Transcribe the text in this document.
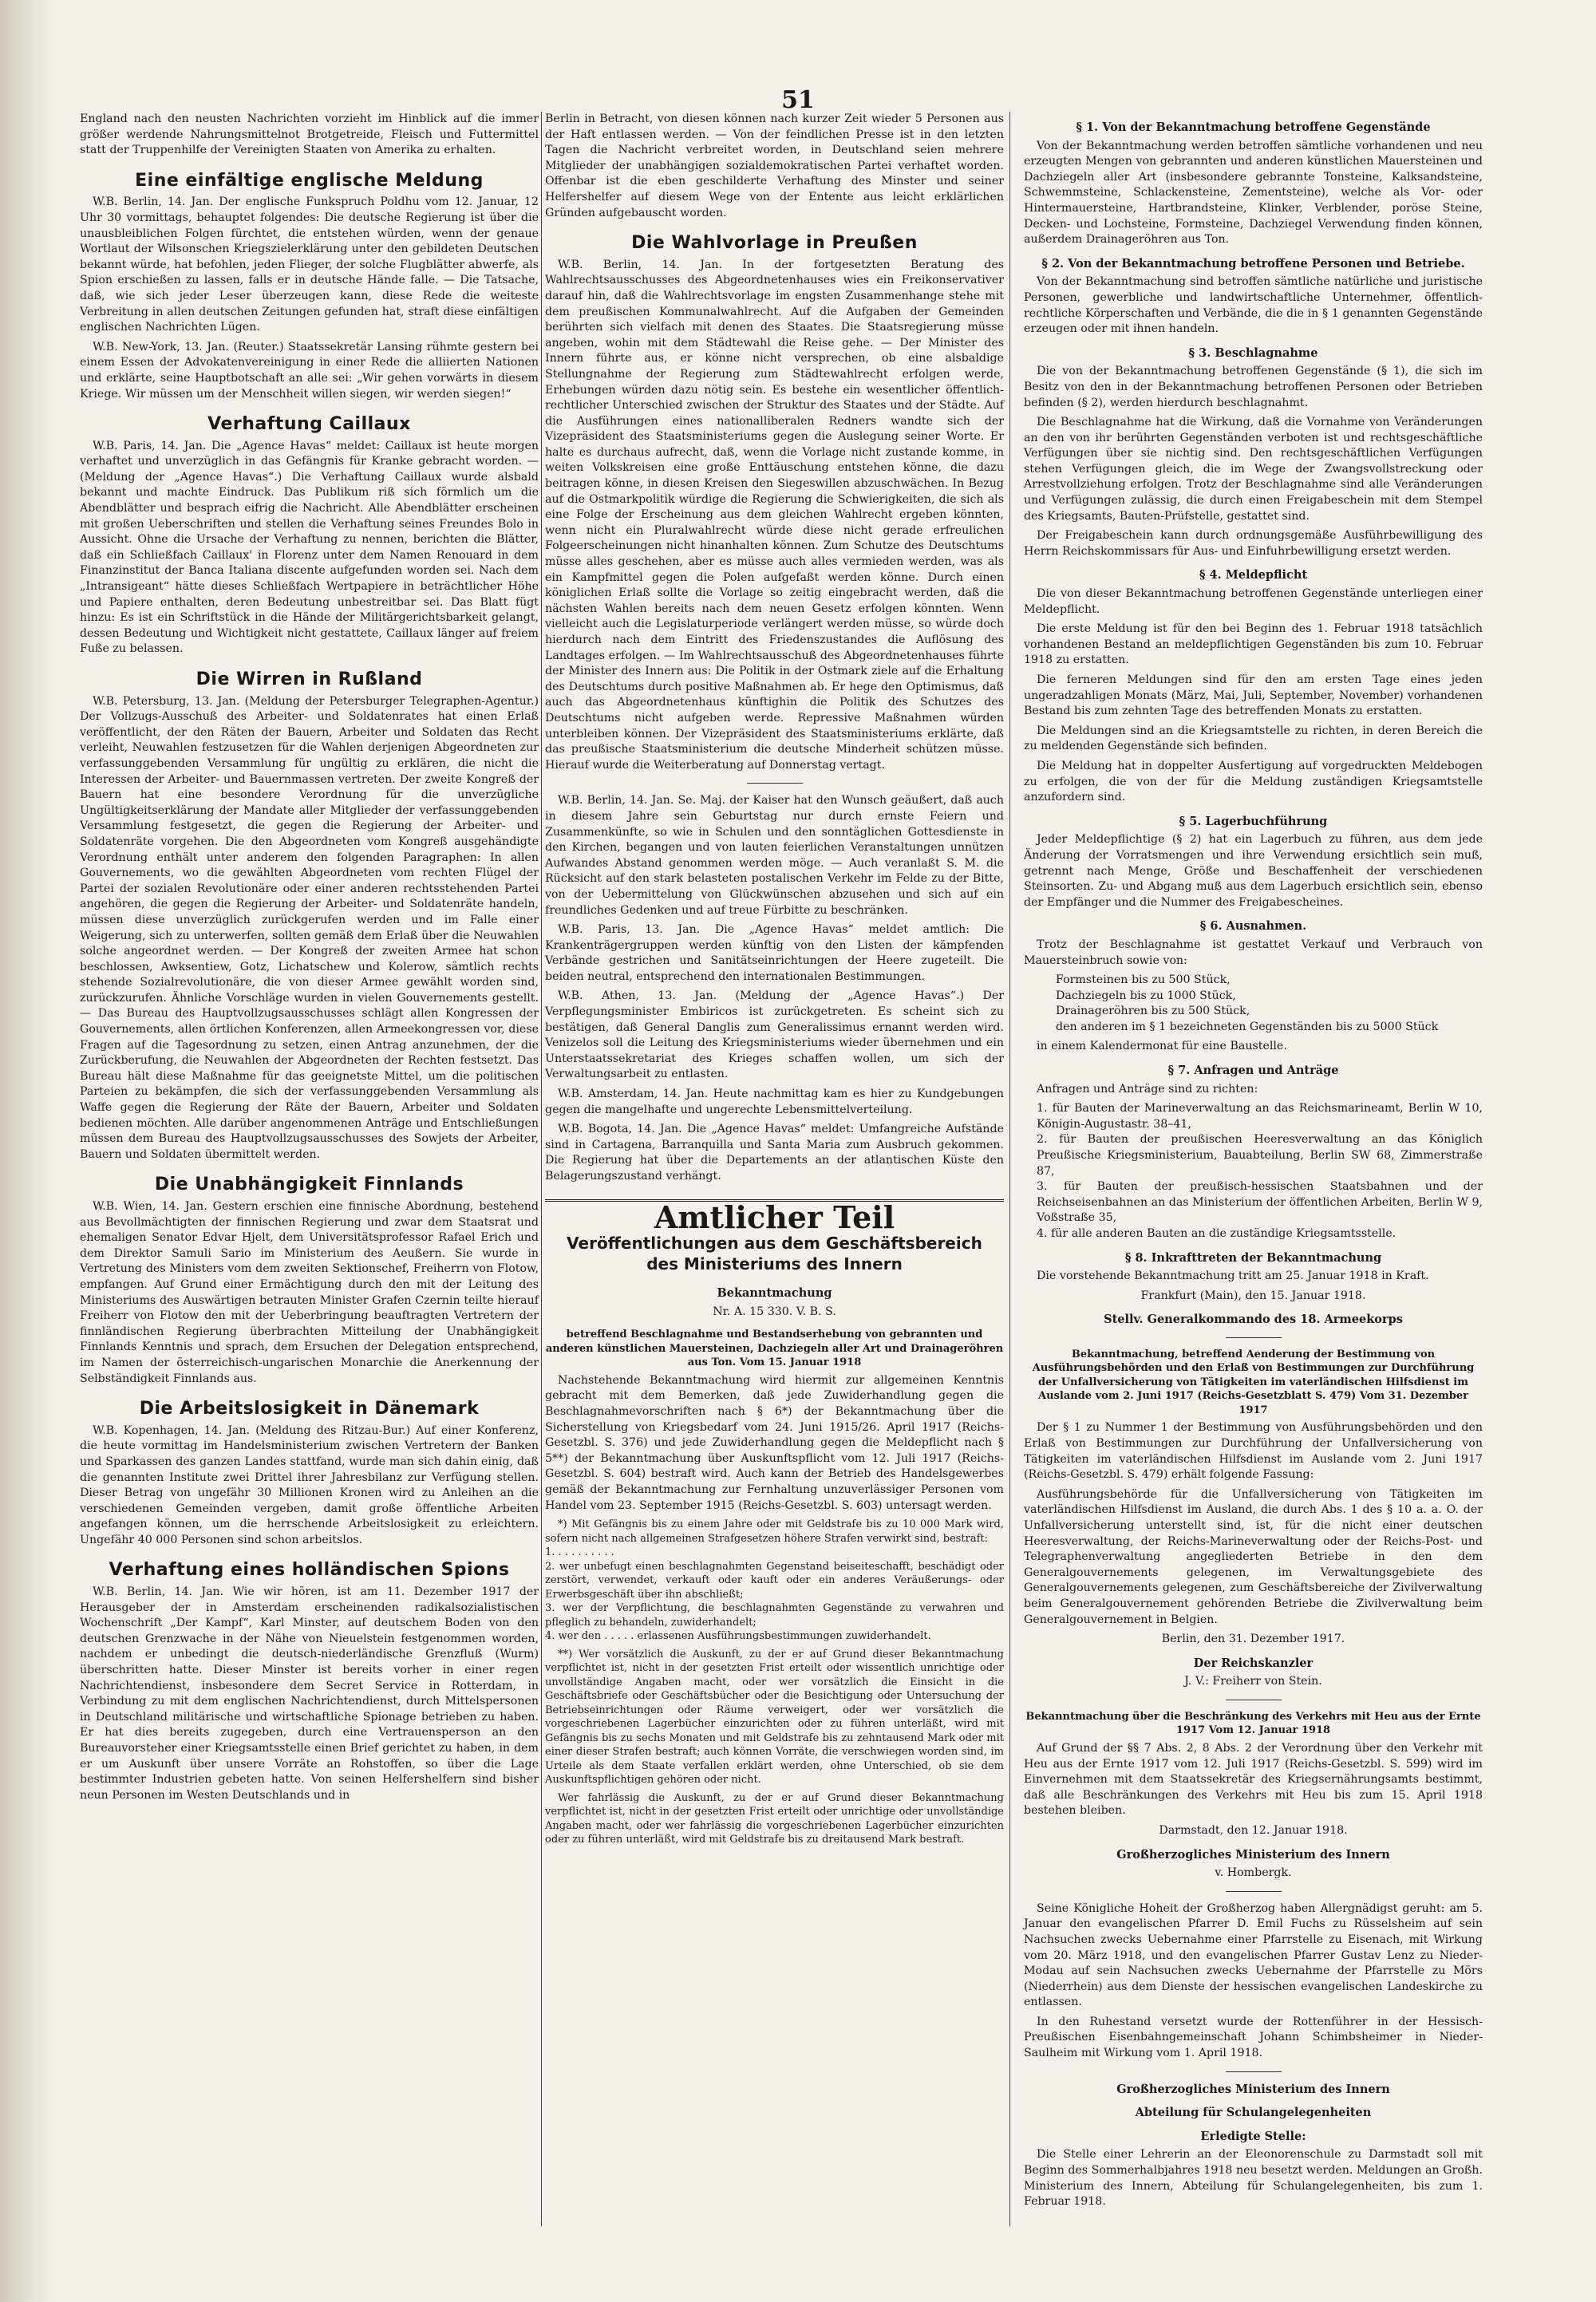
51

England nach den neusten Nachrichten vorzieht im Hinblick auf die immer größer werdende Nahrungsmittelnot Brotgetreide, Fleisch und Futtermittel statt der Truppenhilfe der Vereinigten Staaten von Amerika zu erhalten.

Eine einfältige englische Meldung

W.B. Berlin, 14. Jan. Der englische Funkspruch Poldhu vom 12. Januar, 12 Uhr 30 vormittags, behauptet folgendes: Die deutsche Regierung ist über die unausbleiblichen Folgen fürchtet, die entstehen würden, wenn der genaue Wortlaut der Wilsonschen Kriegszielerklärung unter den gebildeten Deutschen bekannt würde, hat befohlen, jeden Flieger, der solche Flugblätter abwerfe, als Spion erschießen zu lassen, falls er in deutsche Hände falle. — Die Tatsache, daß, wie sich jeder Leser überzeugen kann, diese Rede die weiteste Verbreitung in allen deutschen Zeitungen gefunden hat, straft diese einfältigen englischen Nachrichten Lügen.

W.B. New-York, 13. Jan. (Reuter.) Staatssekretär Lansing rühmte gestern bei einem Essen der Advokatenvereinigung in einer Rede die alliierten Nationen und erklärte, seine Hauptbotschaft an alle sei: „Wir gehen vorwärts in diesem Kriege. Wir müssen um der Menschheit willen siegen, wir werden siegen!“

Verhaftung Caillaux

W.B. Paris, 14. Jan. Die „Agence Havas“ meldet: Caillaux ist heute morgen verhaftet und unverzüglich in das Gefängnis für Kranke gebracht worden. — (Meldung der „Agence Havas“.) Die Verhaftung Caillaux wurde alsbald bekannt und machte Eindruck. Das Publikum riß sich förmlich um die Abendblätter und besprach eifrig die Nachricht. Alle Abendblätter erscheinen mit großen Ueberschriften und stellen die Verhaftung seines Freundes Bolo in Aussicht. Ohne die Ursache der Verhaftung zu nennen, berichten die Blätter, daß ein Schließfach Caillaux' in Florenz unter dem Namen Renouard in dem Finanzinstitut der Banca Italiana discente aufgefunden worden sei. Nach dem „Intransigeant“ hätte dieses Schließfach Wertpapiere in beträchtlicher Höhe und Papiere enthalten, deren Bedeutung unbestreitbar sei. Das Blatt fügt hinzu: Es ist ein Schriftstück in die Hände der Militärgerichtsbarkeit gelangt, dessen Bedeutung und Wichtigkeit nicht gestattete, Caillaux länger auf freiem Fuße zu belassen.

Die Wirren in Rußland

W.B. Petersburg, 13. Jan. (Meldung der Petersburger Telegraphen-Agentur.) Der Vollzugs-Ausschuß des Arbeiter- und Soldatenrates hat einen Erlaß veröffentlicht, der den Räten der Bauern, Arbeiter und Soldaten das Recht verleiht, Neuwahlen festzusetzen für die Wahlen derjenigen Abgeordneten zur verfassunggebenden Versammlung für ungültig zu erklären, die nicht die Interessen der Arbeiter- und Bauernmassen vertreten. Der zweite Kongreß der Bauern hat eine besondere Verordnung für die unverzügliche Ungültigkeitserklärung der Mandate aller Mitglieder der verfassunggebenden Versammlung festgesetzt, die gegen die Regierung der Arbeiter- und Soldatenräte vorgehen. Die den Abgeordneten vom Kongreß ausgehändigte Verordnung enthält unter anderem den folgenden Paragraphen: In allen Gouvernements, wo die gewählten Abgeordneten vom rechten Flügel der Partei der sozialen Revolutionäre oder einer anderen rechtsstehenden Partei angehören, die gegen die Regierung der Arbeiter- und Soldatenräte handeln, müssen diese unverzüglich zurückgerufen werden und im Falle einer Weigerung, sich zu unterwerfen, sollten gemäß dem Erlaß über die Neuwahlen solche angeordnet werden. — Der Kongreß der zweiten Armee hat schon beschlossen, Awksentiew, Gotz, Lichatschew und Kolerow, sämtlich rechts stehende Sozialrevolutionäre, die von dieser Armee gewählt worden sind, zurückzurufen. Ähnliche Vorschläge wurden in vielen Gouvernements gestellt. — Das Bureau des Hauptvollzugsausschusses schlägt allen Kongressen der Gouvernements, allen örtlichen Konferenzen, allen Armeekongressen vor, diese Fragen auf die Tagesordnung zu setzen, einen Antrag anzunehmen, der die Zurückberufung, die Neuwahlen der Abgeordneten der Rechten festsetzt. Das Bureau hält diese Maßnahme für das geeignetste Mittel, um die politischen Parteien zu bekämpfen, die sich der verfassunggebenden Versammlung als Waffe gegen die Regierung der Räte der Bauern, Arbeiter und Soldaten bedienen möchten. Alle darüber angenommenen Anträge und Entschließungen müssen dem Bureau des Hauptvollzugsausschusses des Sowjets der Arbeiter, Bauern und Soldaten übermittelt werden.

Die Unabhängigkeit Finnlands

W.B. Wien, 14. Jan. Gestern erschien eine finnische Abordnung, bestehend aus Bevollmächtigten der finnischen Regierung und zwar dem Staatsrat und ehemaligen Senator Edvar Hjelt, dem Universitätsprofessor Rafael Erich und dem Direktor Samuli Sario im Ministerium des Aeußern. Sie wurde in Vertretung des Ministers vom dem zweiten Sektionschef, Freiherrn von Flotow, empfangen. Auf Grund einer Ermächtigung durch den mit der Leitung des Ministeriums des Auswärtigen betrauten Minister Grafen Czernin teilte hierauf Freiherr von Flotow den mit der Ueberbringung beauftragten Vertretern der finnländischen Regierung überbrachten Mitteilung der Unabhängigkeit Finnlands Kenntnis und sprach, dem Ersuchen der Delegation entsprechend, im Namen der österreichisch-ungarischen Monarchie die Anerkennung der Selbständigkeit Finnlands aus.

Die Arbeitslosigkeit in Dänemark

W.B. Kopenhagen, 14. Jan. (Meldung des Ritzau-Bur.) Auf einer Konferenz, die heute vormittag im Handelsministerium zwischen Vertretern der Banken und Sparkassen des ganzen Landes stattfand, wurde man sich dahin einig, daß die genannten Institute zwei Drittel ihrer Jahresbilanz zur Verfügung stellen. Dieser Betrag von ungefähr 30 Millionen Kronen wird zu Anleihen an die verschiedenen Gemeinden vergeben, damit große öffentliche Arbeiten angefangen können, um die herrschende Arbeitslosigkeit zu erleichtern. Ungefähr 40 000 Personen sind schon arbeitslos.

Verhaftung eines holländischen Spions

W.B. Berlin, 14. Jan. Wie wir hören, ist am 11. Dezember 1917 der Herausgeber der in Amsterdam erscheinenden radikalsozialistischen Wochenschrift „Der Kampf“, Karl Minster, auf deutschem Boden von den deutschen Grenzwache in der Nähe von Nieuelstein festgenommen worden, nachdem er unbedingt die deutsch-niederländische Grenzfluß (Wurm) überschritten hatte. Dieser Minster ist bereits vorher in einer regen Nachrichtendienst, insbesondere dem Secret Service in Rotterdam, in Verbindung zu mit dem englischen Nachrichtendienst, durch Mittelspersonen in Deutschland militärische und wirtschaftliche Spionage betrieben zu haben. Er hat dies bereits zugegeben, durch eine Vertrauensperson an den Bureauvorsteher einer Kriegsamtsstelle einen Brief gerichtet zu haben, in dem er um Auskunft über unsere Vorräte an Rohstoffen, so über die Lage bestimmter Industrien gebeten hatte. Von seinen Helfershelfern sind bisher neun Personen im Westen Deutschlands und in

Berlin in Betracht, von diesen können nach kurzer Zeit wieder 5 Personen aus der Haft entlassen werden. — Von der feindlichen Presse ist in den letzten Tagen die Nachricht verbreitet worden, in Deutschland seien mehrere Mitglieder der unabhängigen sozialdemokratischen Partei verhaftet worden. Offenbar ist die eben geschilderte Verhaftung des Minster und seiner Helfershelfer auf diesem Wege von der Entente aus leicht erklärlichen Gründen aufgebauscht worden.

Die Wahlvorlage in Preußen

W.B. Berlin, 14. Jan. In der fortgesetzten Beratung des Wahlrechtsausschusses des Abgeordnetenhauses wies ein Freikonservativer darauf hin, daß die Wahlrechtsvorlage im engsten Zusammenhange stehe mit dem preußischen Kommunalwahlrecht. Auf die Aufgaben der Gemeinden berührten sich vielfach mit denen des Staates. Die Staatsregierung müsse angeben, wohin mit dem Städtewahl die Reise gehe. — Der Minister des Innern führte aus, er könne nicht versprechen, ob eine alsbaldige Stellungnahme der Regierung zum Städtewahlrecht erfolgen werde, Erhebungen würden dazu nötig sein. Es bestehe ein wesentlicher öffentlich-rechtlicher Unterschied zwischen der Struktur des Staates und der Städte. Auf die Ausführungen eines nationalliberalen Redners wandte sich der Vizepräsident des Staatsministeriums gegen die Auslegung seiner Worte. Er halte es durchaus aufrecht, daß, wenn die Vorlage nicht zustande komme, in weiten Volkskreisen eine große Enttäuschung entstehen könne, die dazu beitragen könne, in diesen Kreisen den Siegeswillen abzuschwächen. In Bezug auf die Ostmarkpolitik würdige die Regierung die Schwierigkeiten, die sich als eine Folge der Erscheinung aus dem gleichen Wahlrecht ergeben könnten, wenn nicht ein Pluralwahlrecht würde diese nicht gerade erfreulichen Folgeerscheinungen nicht hinanhalten können. Zum Schutze des Deutschtums müsse alles geschehen, aber es müsse auch alles vermieden werden, was als ein Kampfmittel gegen die Polen aufgefaßt werden könne. Durch einen königlichen Erlaß sollte die Vorlage so zeitig eingebracht werden, daß die nächsten Wahlen bereits nach dem neuen Gesetz erfolgen könnten. Wenn vielleicht auch die Legislaturperiode verlängert werden müsse, so würde doch hierdurch nach dem Eintritt des Friedenszustandes die Auflösung des Landtages erfolgen. — Im Wahlrechtsausschuß des Abgeordnetenhauses führte der Minister des Innern aus: Die Politik in der Ostmark ziele auf die Erhaltung des Deutschtums durch positive Maßnahmen ab. Er hege den Optimismus, daß auch das Abgeordnetenhaus künftighin die Politik des Schutzes des Deutschtums nicht aufgeben werde. Repressive Maßnahmen würden unterbleiben können. Der Vizepräsident des Staatsministeriums erklärte, daß das preußische Staatsministerium die deutsche Minderheit schützen müsse. Hierauf wurde die Weiterberatung auf Donnerstag vertagt.

W.B. Berlin, 14. Jan. Se. Maj. der Kaiser hat den Wunsch geäußert, daß auch in diesem Jahre sein Geburtstag nur durch ernste Feiern und Zusammenkünfte, so wie in Schulen und den sonntäglichen Gottesdienste in den Kirchen, begangen und von lauten feierlichen Veranstaltungen unnützen Aufwandes Abstand genommen werden möge. — Auch veranlaßt S. M. die Rücksicht auf den stark belasteten postalischen Verkehr im Felde zu der Bitte, von der Uebermittelung von Glückwünschen abzusehen und sich auf ein freundliches Gedenken und auf treue Fürbitte zu beschränken.

W.B. Paris, 13. Jan. Die „Agence Havas“ meldet amtlich: Die Krankenträgergruppen werden künftig von den Listen der kämpfenden Verbände gestrichen und Sanitätseinrichtungen der Heere zugeteilt. Die beiden neutral, entsprechend den internationalen Bestimmungen.

W.B. Athen, 13. Jan. (Meldung der „Agence Havas“.) Der Verpflegungsminister Embiricos ist zurückgetreten. Es scheint sich zu bestätigen, daß General Danglis zum Generalissimus ernannt werden wird. Venizelos soll die Leitung des Kriegsministeriums wieder übernehmen und ein Unterstaatssekretariat des Krieges schaffen wollen, um sich der Verwaltungsarbeit zu entlasten.

W.B. Amsterdam, 14. Jan. Heute nachmittag kam es hier zu Kundgebungen gegen die mangelhafte und ungerechte Lebensmittelverteilung.

W.B. Bogota, 14. Jan. Die „Agence Havas“ meldet: Umfangreiche Aufstände sind in Cartagena, Barranquilla und Santa Maria zum Ausbruch gekommen. Die Regierung hat über die Departements an der atlantischen Küste den Belagerungszustand verhängt.

Amtlicher Teil
Veröffentlichungen aus dem Geschäftsbereich
des Ministeriums des Innern
Bekanntmachung
Nr. A. 15 330. V. B. S.
betreffend Beschlagnahme und Bestandserhebung von gebrannten und anderen künstlichen Mauersteinen, Dachziegeln aller Art und Drainageröhren aus Ton. Vom 15. Januar 1918

Nachstehende Bekanntmachung wird hiermit zur allgemeinen Kenntnis gebracht mit dem Bemerken, daß jede Zuwiderhandlung gegen die Beschlagnahmevorschriften nach § 6*) der Bekanntmachung über die Sicherstellung von Kriegsbedarf vom 24. Juni 1915/26. April 1917 (Reichs-Gesetzbl. S. 376) und jede Zuwiderhandlung gegen die Meldepflicht nach § 5**) der Bekanntmachung über Auskunftspflicht vom 12. Juli 1917 (Reichs-Gesetzbl. S. 604) bestraft wird. Auch kann der Betrieb des Handelsgewerbes gemäß der Bekanntmachung zur Fernhaltung unzuverlässiger Personen vom Handel vom 23. September 1915 (Reichs-Gesetzbl. S. 603) untersagt werden.

*) Mit Gefängnis bis zu einem Jahre oder mit Geldstrafe bis zu 10 000 Mark wird, sofern nicht nach allgemeinen Strafgesetzen höhere Strafen verwirkt sind, bestraft:
1. . . . . . . . . .
2. wer unbefugt einen beschlagnahmten Gegenstand beiseiteschafft, beschädigt oder zerstört, verwendet, verkauft oder kauft oder ein anderes Veräußerungs- oder Erwerbsgeschäft über ihn abschließt;
3. wer der Verpflichtung, die beschlagnahmten Gegenstände zu verwahren und pfleglich zu behandeln, zuwiderhandelt;
4. wer den . . . . . erlassenen Ausführungsbestimmungen zuwiderhandelt.

**) Wer vorsätzlich die Auskunft, zu der er auf Grund dieser Bekanntmachung verpflichtet ist, nicht in der gesetzten Frist erteilt oder wissentlich unrichtige oder unvollständige Angaben macht, oder wer vorsätzlich die Einsicht in die Geschäftsbriefe oder Geschäftsbücher oder die Besichtigung oder Untersuchung der Betriebseinrichtungen oder Räume verweigert, oder wer vorsätzlich die vorgeschriebenen Lagerbücher einzurichten oder zu führen unterläßt, wird mit Gefängnis bis zu sechs Monaten und mit Geldstrafe bis zu zehntausend Mark oder mit einer dieser Strafen bestraft; auch können Vorräte, die verschwiegen worden sind, im Urteile als dem Staate verfallen erklärt werden, ohne Unterschied, ob sie dem Auskunftspflichtigen gehören oder nicht.

Wer fahrlässig die Auskunft, zu der er auf Grund dieser Bekanntmachung verpflichtet ist, nicht in der gesetzten Frist erteilt oder unrichtige oder unvollständige Angaben macht, oder wer fahrlässig die vorgeschriebenen Lagerbücher einzurichten oder zu führen unterläßt, wird mit Geldstrafe bis zu dreitausend Mark bestraft.

§ 1. Von der Bekanntmachung betroffene Gegenstände

Von der Bekanntmachung werden betroffen sämtliche vorhandenen und neu erzeugten Mengen von gebrannten und anderen künstlichen Mauersteinen und Dachziegeln aller Art (insbesondere gebrannte Tonsteine, Kalksandsteine, Schwemmsteine, Schlackensteine, Zementsteine), welche als Vor- oder Hintermauersteine, Hartbrandsteine, Klinker, Verblender, poröse Steine, Decken- und Lochsteine, Formsteine, Dachziegel Verwendung finden können, außerdem Drainageröhren aus Ton.

§ 2. Von der Bekanntmachung betroffene Personen und Betriebe.

Von der Bekanntmachung sind betroffen sämtliche natürliche und juristische Personen, gewerbliche und landwirtschaftliche Unternehmer, öffentlich-rechtliche Körperschaften und Verbände, die die in § 1 genannten Gegenstände erzeugen oder mit ihnen handeln.

§ 3. Beschlagnahme

Die von der Bekanntmachung betroffenen Gegenstände (§ 1), die sich im Besitz von den in der Bekanntmachung betroffenen Personen oder Betrieben befinden (§ 2), werden hierdurch beschlagnahmt.

Die Beschlagnahme hat die Wirkung, daß die Vornahme von Veränderungen an den von ihr berührten Gegenständen verboten ist und rechtsgeschäftliche Verfügungen über sie nichtig sind. Den rechtsgeschäftlichen Verfügungen stehen Verfügungen gleich, die im Wege der Zwangsvollstreckung oder Arrestvollziehung erfolgen. Trotz der Beschlagnahme sind alle Veränderungen und Verfügungen zulässig, die durch einen Freigabeschein mit dem Stempel des Kriegsamts, Bauten-Prüfstelle, gestattet sind.

Der Freigabeschein kann durch ordnungsgemäße Ausführbewilligung des Herrn Reichskommissars für Aus- und Einfuhrbewilligung ersetzt werden.

§ 4. Meldepflicht

Die von dieser Bekanntmachung betroffenen Gegenstände unterliegen einer Meldepflicht.

Die erste Meldung ist für den bei Beginn des 1. Februar 1918 tatsächlich vorhandenen Bestand an meldepflichtigen Gegenständen bis zum 10. Februar 1918 zu erstatten.

Die ferneren Meldungen sind für den am ersten Tage eines jeden ungeradzahligen Monats (März, Mai, Juli, September, November) vorhandenen Bestand bis zum zehnten Tage des betreffenden Monats zu erstatten.

Die Meldungen sind an die Kriegsamtstelle zu richten, in deren Bereich die zu meldenden Gegenstände sich befinden.

Die Meldung hat in doppelter Ausfertigung auf vorgedruckten Meldebogen zu erfolgen, die von der für die Meldung zuständigen Kriegsamtstelle anzufordern sind.

§ 5. Lagerbuchführung

Jeder Meldepflichtige (§ 2) hat ein Lagerbuch zu führen, aus dem jede Änderung der Vorratsmengen und ihre Verwendung ersichtlich sein muß, getrennt nach Menge, Größe und Beschaffenheit der verschiedenen Steinsorten. Zu- und Abgang muß aus dem Lagerbuch ersichtlich sein, ebenso der Empfänger und die Nummer des Freigabescheines.

§ 6. Ausnahmen.

Trotz der Beschlagnahme ist gestattet Verkauf und Verbrauch von Mauersteinbruch sowie von:

Formsteinen bis zu 500 Stück,
Dachziegeln bis zu 1000 Stück,
Drainageröhren bis zu 500 Stück,
den anderen im § 1 bezeichneten Gegenständen bis zu 5000 Stück

in einem Kalendermonat für eine Baustelle.

§ 7. Anfragen und Anträge

Anfragen und Anträge sind zu richten:

1. für Bauten der Marineverwaltung an das Reichsmarineamt, Berlin W 10, Königin-Augustastr. 38–41,
2. für Bauten der preußischen Heeresverwaltung an das Königlich Preußische Kriegsministerium, Bauabteilung, Berlin SW 68, Zimmerstraße 87,
3. für Bauten der preußisch-hessischen Staatsbahnen und der Reichseisenbahnen an das Ministerium der öffentlichen Arbeiten, Berlin W 9, Voßstraße 35,
4. für alle anderen Bauten an die zuständige Kriegsamtsstelle.

§ 8. Inkrafttreten der Bekanntmachung

Die vorstehende Bekanntmachung tritt am 25. Januar 1918 in Kraft.

Frankfurt (Main), den 15. Januar 1918.
Stellv. Generalkommando des 18. Armeekorps
Bekanntmachung, betreffend Aenderung der Bestimmung von Ausführungsbehörden und den Erlaß von Bestimmungen zur Durchführung der Unfallversicherung von Tätigkeiten im vaterländischen Hilfsdienst im Auslande vom 2. Juni 1917 (Reichs-Gesetzblatt S. 479) Vom 31. Dezember 1917

Der § 1 zu Nummer 1 der Bestimmung von Ausführungsbehörden und den Erlaß von Bestimmungen zur Durchführung der Unfallversicherung von Tätigkeiten im vaterländischen Hilfsdienst im Auslande vom 2. Juni 1917 (Reichs-Gesetzbl. S. 479) erhält folgende Fassung:

Ausführungsbehörde für die Unfallversicherung von Tätigkeiten im vaterländischen Hilfsdienst im Ausland, die durch Abs. 1 des § 10 a. a. O. der Unfallversicherung unterstellt sind, ist, für die nicht einer deutschen Heeresverwaltung, der Reichs-Marineverwaltung oder der Reichs-Post- und Telegraphenverwaltung angegliederten Betriebe in den dem Generalgouvernements gelegenen, im Verwaltungsgebiete des Generalgouvernements gelegenen, zum Geschäftsbereiche der Zivilverwaltung beim Generalgouvernement gehörenden Betriebe die Zivilverwaltung beim Generalgouvernement in Belgien.

Berlin, den 31. Dezember 1917.
Der Reichskanzler
J. V.: Freiherr von Stein.
Bekanntmachung über die Beschränkung des Verkehrs mit Heu aus der Ernte 1917 Vom 12. Januar 1918

Auf Grund der §§ 7 Abs. 2, 8 Abs. 2 der Verordnung über den Verkehr mit Heu aus der Ernte 1917 vom 12. Juli 1917 (Reichs-Gesetzbl. S. 599) wird im Einvernehmen mit dem Staatssekretär des Kriegsernährungsamts bestimmt, daß alle Beschränkungen des Verkehrs mit Heu bis zum 15. April 1918 bestehen bleiben.

Darmstadt, den 12. Januar 1918.
Großherzogliches Ministerium des Innern
v. Hombergk.

Seine Königliche Hoheit der Großherzog haben Allergnädigst geruht: am 5. Januar den evangelischen Pfarrer D. Emil Fuchs zu Rüsselsheim auf sein Nachsuchen zwecks Uebernahme einer Pfarrstelle zu Eisenach, mit Wirkung vom 20. März 1918, und den evangelischen Pfarrer Gustav Lenz zu Nieder-Modau auf sein Nachsuchen zwecks Uebernahme der Pfarrstelle zu Mörs (Niederrhein) aus dem Dienste der hessischen evangelischen Landeskirche zu entlassen.

In den Ruhestand versetzt wurde der Rottenführer in der Hessisch-Preußischen Eisenbahngemeinschaft Johann Schimbsheimer in Nieder-Saulheim mit Wirkung vom 1. April 1918.

Großherzogliches Ministerium des Innern
Abteilung für Schulangelegenheiten
Erledigte Stelle:

Die Stelle einer Lehrerin an der Eleonorenschule zu Darmstadt soll mit Beginn des Sommerhalbjahres 1918 neu besetzt werden. Meldungen an Großh. Ministerium des Innern, Abteilung für Schulangelegenheiten, bis zum 1. Februar 1918.
